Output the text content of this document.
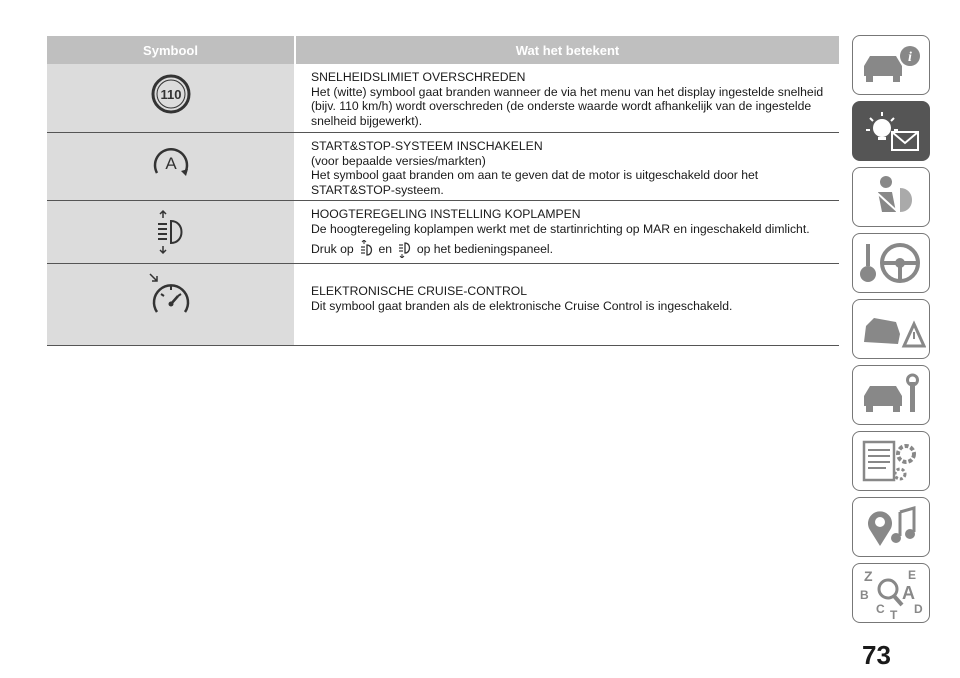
Symbool	Wat het betekent
110
SNELHEIDSLIMIET OVERSCHREDEN
Het (witte) symbool gaat branden wanneer de via het menu van het display ingestelde snelheid
(bijv. 110 km/h) wordt overschreden (de onderste waarde wordt afhankelijk van de ingestelde
snelheid bijgewerkt).
A
START&STOP-SYSTEEM INSCHAKELEN
(voor bepaalde versies/markten)
Het symbool gaat branden om aan te geven dat de motor is uitgeschakeld door het
START&STOP-systeem.
HOOGTEREGELING INSTELLING KOPLAMPEN
De hoogteregeling koplampen werkt met de startinrichting op MAR en ingeschakeld dimlicht.
Druk op en op het bedieningspaneel.
ELEKTRONISCHE CRUISE-CONTROL
Dit symbool gaat branden als de elektronische Cruise Control is ingeschakeld.
i
Z	E
A
B
C T D
73
